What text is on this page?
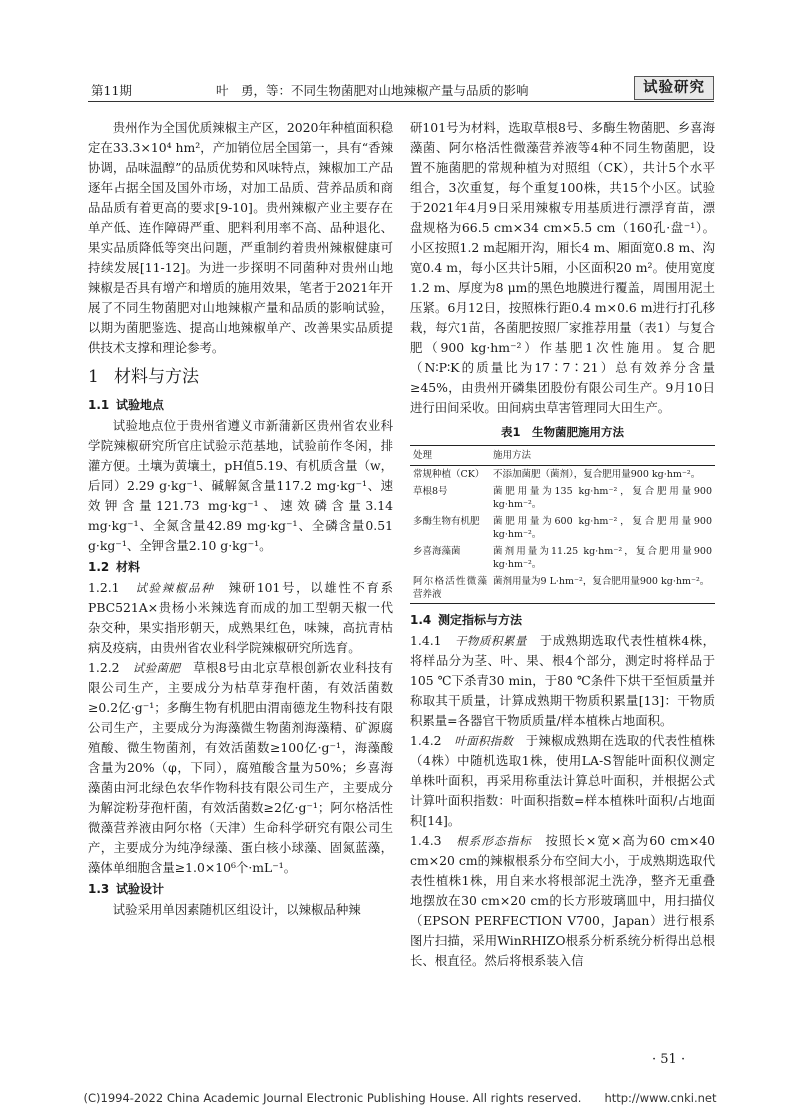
第11期	叶　勇，等：不同生物菌肥对山地辣椒产量与品质的影响	试验研究

贵州作为全国优质辣椒主产区，2020年种植面积稳定在33.3×10⁴ hm²，产加销位居全国第一，具有“香辣协调，品味温醇”的品质优势和风味特点，辣椒加工产品逐年占据全国及国外市场，对加工品质、营养品质和商品品质有着更高的要求[9-10]。贵州辣椒产业主要存在单产低、连作障碍严重、肥料利用率不高、品种退化、果实品质降低等突出问题，严重制约着贵州辣椒健康可持续发展[11-12]。为进一步探明不同菌种对贵州山地辣椒是否具有增产和增质的施用效果，笔者于2021年开展了不同生物菌肥对山地辣椒产量和品质的影响试验，以期为菌肥鉴选、提高山地辣椒单产、改善果实品质提供技术支撑和理论参考。

1 材料与方法

1.1 试验地点

试验地点位于贵州省遵义市新蒲新区贵州省农业科学院辣椒研究所官庄试验示范基地，试验前作冬闲，排灌方便。土壤为黄壤土，pH值5.19、有机质含量（w，后同）2.29 g·kg⁻¹、碱解氮含量117.2 mg·kg⁻¹、速效钾含量121.73 mg·kg⁻¹、速效磷含量3.14 mg·kg⁻¹、全氮含量42.89 mg·kg⁻¹、全磷含量0.51 g·kg⁻¹、全钾含量2.10 g·kg⁻¹。

1.2 材料

1.2.1　 试验辣椒品种　 辣研101号，以雄性不育系PBC521A×贵杨小米辣选育而成的加工型朝天椒一代杂交种，果实指形朝天，成熟果红色，味辣，高抗青枯病及疫病，由贵州省农业科学院辣椒研究所选育。

1.2.2　 试验菌肥　 草根8号由北京草根创新农业科技有限公司生产，主要成分为枯草芽孢杆菌，有效活菌数≥0.2亿·g⁻¹；多酶生物有机肥由渭南德龙生物科技有限公司生产，主要成分为海藻微生物菌剂海藻精、矿源腐殖酸、微生物菌剂，有效活菌数≥100亿·g⁻¹，海藻酸含量为20%（φ，下同），腐殖酸含量为50%；乡喜海藻菌由河北绿色农华作物科技有限公司生产，主要成分为解淀粉芽孢杆菌，有效活菌数≥2亿·g⁻¹；阿尔格活性微藻营养液由阿尔格（天津）生命科学研究有限公司生产，主要成分为纯净绿藻、蛋白核小球藻、固氮蓝藻，藻体单细胞含量≥1.0×10⁶个·mL⁻¹。

1.3 试验设计

试验采用单因素随机区组设计，以辣椒品种辣

研101号为材料，选取草根8号、多酶生物菌肥、乡喜海藻菌、阿尔格活性微藻营养液等4种不同生物菌肥，设置不施菌肥的常规种植为对照组（CK），共计5个水平组合，3次重复，每个重复100株，共15个小区。试验于2021年4月9日采用辣椒专用基质进行漂浮育苗，漂盘规格为66.5 cm×34 cm×5.5 cm（160孔·盘⁻¹）。小区按照1.2 m起厢开沟，厢长4 m、厢面宽0.8 m、沟宽0.4 m，每小区共计5厢，小区面积20 m²。使用宽度1.2 m、厚度为8 μm的黑色地膜进行覆盖，周围用泥土压紧。6月12日，按照株行距0.4 m×0.6 m进行打孔移栽，每穴1苗，各菌肥按照厂家推荐用量（表1）与复合肥（900 kg·hm⁻²）作基肥1次性施用。复合肥（N∶P∶K的质量比为17∶7∶21）总有效养分含量≥45%，由贵州开磷集团股份有限公司生产。9月10日进行田间采收。田间病虫草害管理同大田生产。

表1　生物菌肥施用方法

处理	施用方法
常规种植（CK）	不添加菌肥（菌剂），复合肥用量900 kg·hm⁻²。
草根8号	菌肥用量为135 kg·hm⁻²，复合肥用量900 kg·hm⁻²。
多酶生物有机肥	菌肥用量为600 kg·hm⁻²，复合肥用量900 kg·hm⁻²。
乡喜海藻菌	菌剂用量为11.25 kg·hm⁻²，复合肥用量900 kg·hm⁻²。
阿尔格活性微藻营养液	菌剂用量为9 L·hm⁻²，复合肥用量900 kg·hm⁻²。

1.4 测定指标与方法

1.4.1　 干物质积累量　 于成熟期选取代表性植株4株，将样品分为茎、叶、果、根4个部分，测定时将样品于105 ℃下杀青30 min，于80 ℃条件下烘干至恒质量并称取其干质量，计算成熟期干物质积累量[13]：干物质积累量=各器官干物质质量/样本植株占地面积。

1.4.2　 叶面积指数　 于辣椒成熟期在选取的代表性植株（4株）中随机选取1株，使用LA-S智能叶面积仪测定单株叶面积，再采用称重法计算总叶面积，并根据公式计算叶面积指数：叶面积指数=样本植株叶面积/占地面积[14]。

1.4.3　 根系形态指标　 按照长×宽×高为60 cm×40 cm×20 cm的辣椒根系分布空间大小，于成熟期选取代表性植株1株，用自来水将根部泥土洗净，整齐无重叠地摆放在30 cm×20 cm的长方形玻璃皿中，用扫描仪（EPSON PERFECTION V700，Japan）进行根系图片扫描，采用WinRHIZO根系分析系统分析得出总根长、根直径。然后将根系装入信

· 51 ·
(C)1994-2022 China Academic Journal Electronic Publishing House. All rights reserved.　　http://www.cnki.net
